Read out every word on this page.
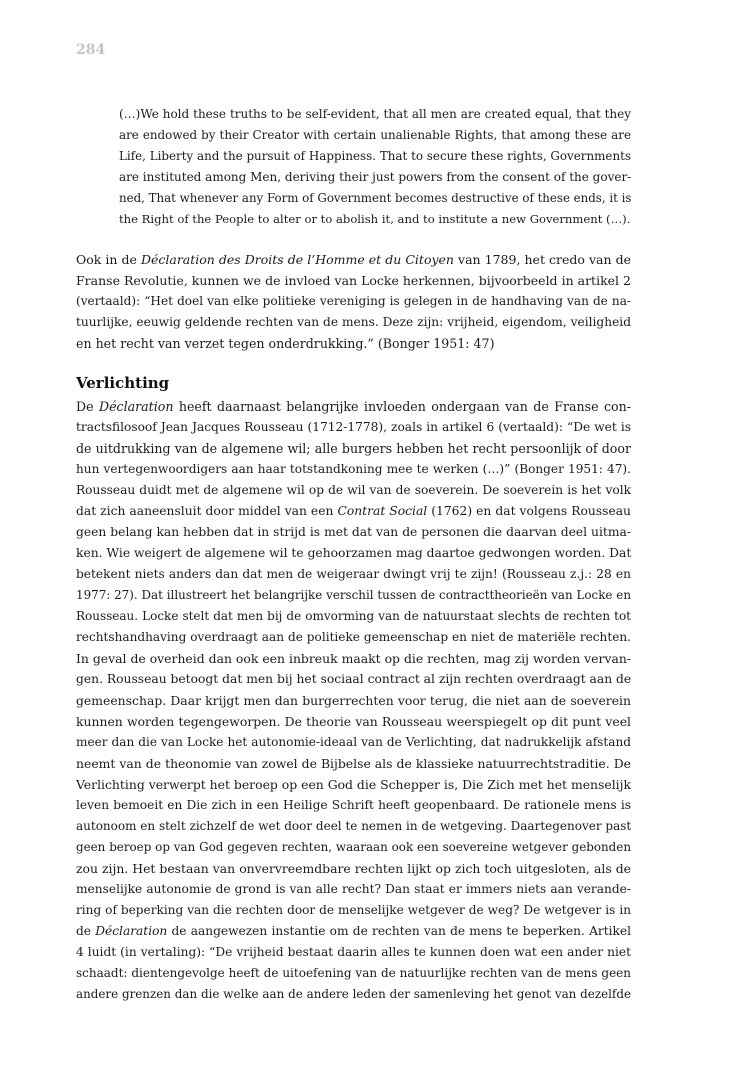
284
(…)We hold these truths to be self-evident, that all men are created equal, that they
are endowed by their Creator with certain unalienable Rights, that among these are
Life, Liberty and the pursuit of Happiness. That to secure these rights, Governments
are instituted among Men, deriving their just powers from the consent of the gover-
ned, That whenever any Form of Government becomes destructive of these ends, it is
the Right of the People to alter or to abolish it, and to institute a new Government (…).
Ook in de Déclaration des Droits de l’Homme et du Citoyen van 1789, het credo van de
Franse Revolutie, kunnen we de invloed van Locke herkennen, bijvoorbeeld in artikel 2
(vertaald): “Het doel van elke politieke vereniging is gelegen in de handhaving van de na-
tuurlijke, eeuwig geldende rechten van de mens. Deze zijn: vrijheid, eigendom, veiligheid
en het recht van verzet tegen onderdrukking.” (Bonger 1951: 47)
Verlichting
De Déclaration heeft daarnaast belangrijke invloeden ondergaan van de Franse con-
tractsfilosoof Jean Jacques Rousseau (1712-1778), zoals in artikel 6 (vertaald): “De wet is
de uitdrukking van de algemene wil; alle burgers hebben het recht persoonlijk of door
hun vertegenwoordigers aan haar totstandkoning mee te werken (…)” (Bonger 1951: 47).
Rousseau duidt met de algemene wil op de wil van de soeverein. De soeverein is het volk
dat zich aaneensluit door middel van een Contrat Social (1762) en dat volgens Rousseau
geen belang kan hebben dat in strijd is met dat van de personen die daarvan deel uitma-
ken. Wie weigert de algemene wil te gehoorzamen mag daartoe gedwongen worden. Dat
betekent niets anders dan dat men de weigeraar dwingt vrij te zijn! (Rousseau z.j.: 28 en
1977: 27). Dat illustreert het belangrijke verschil tussen de contracttheorieën van Locke en
Rousseau. Locke stelt dat men bij de omvorming van de natuurstaat slechts de rechten tot
rechtshandhaving overdraagt aan de politieke gemeenschap en niet de materiële rechten.
In geval de overheid dan ook een inbreuk maakt op die rechten, mag zij worden vervan-
gen. Rousseau betoogt dat men bij het sociaal contract al zijn rechten overdraagt aan de
gemeenschap. Daar krijgt men dan burgerrechten voor terug, die niet aan de soeverein
kunnen worden tegengeworpen. De theorie van Rousseau weerspiegelt op dit punt veel
meer dan die van Locke het autonomie-ideaal van de Verlichting, dat nadrukkelijk afstand
neemt van de theonomie van zowel de Bijbelse als de klassieke natuurrechtstraditie. De
Verlichting verwerpt het beroep op een God die Schepper is, Die Zich met het menselijk
leven bemoeit en Die zich in een Heilige Schrift heeft geopenbaard. De rationele mens is
autonoom en stelt zichzelf de wet door deel te nemen in de wetgeving. Daartegenover past
geen beroep op van God gegeven rechten, waaraan ook een soevereine wetgever gebonden
zou zijn. Het bestaan van onvervreemdbare rechten lijkt op zich toch uitgesloten, als de
menselijke autonomie de grond is van alle recht? Dan staat er immers niets aan verande-
ring of beperking van die rechten door de menselijke wetgever de weg? De wetgever is in
de Déclaration de aangewezen instantie om de rechten van de mens te beperken. Artikel
4 luidt (in vertaling): “De vrijheid bestaat daarin alles te kunnen doen wat een ander niet
schaadt: dientengevolge heeft de uitoefening van de natuurlijke rechten van de mens geen
andere grenzen dan die welke aan de andere leden der samenleving het genot van dezelfde
